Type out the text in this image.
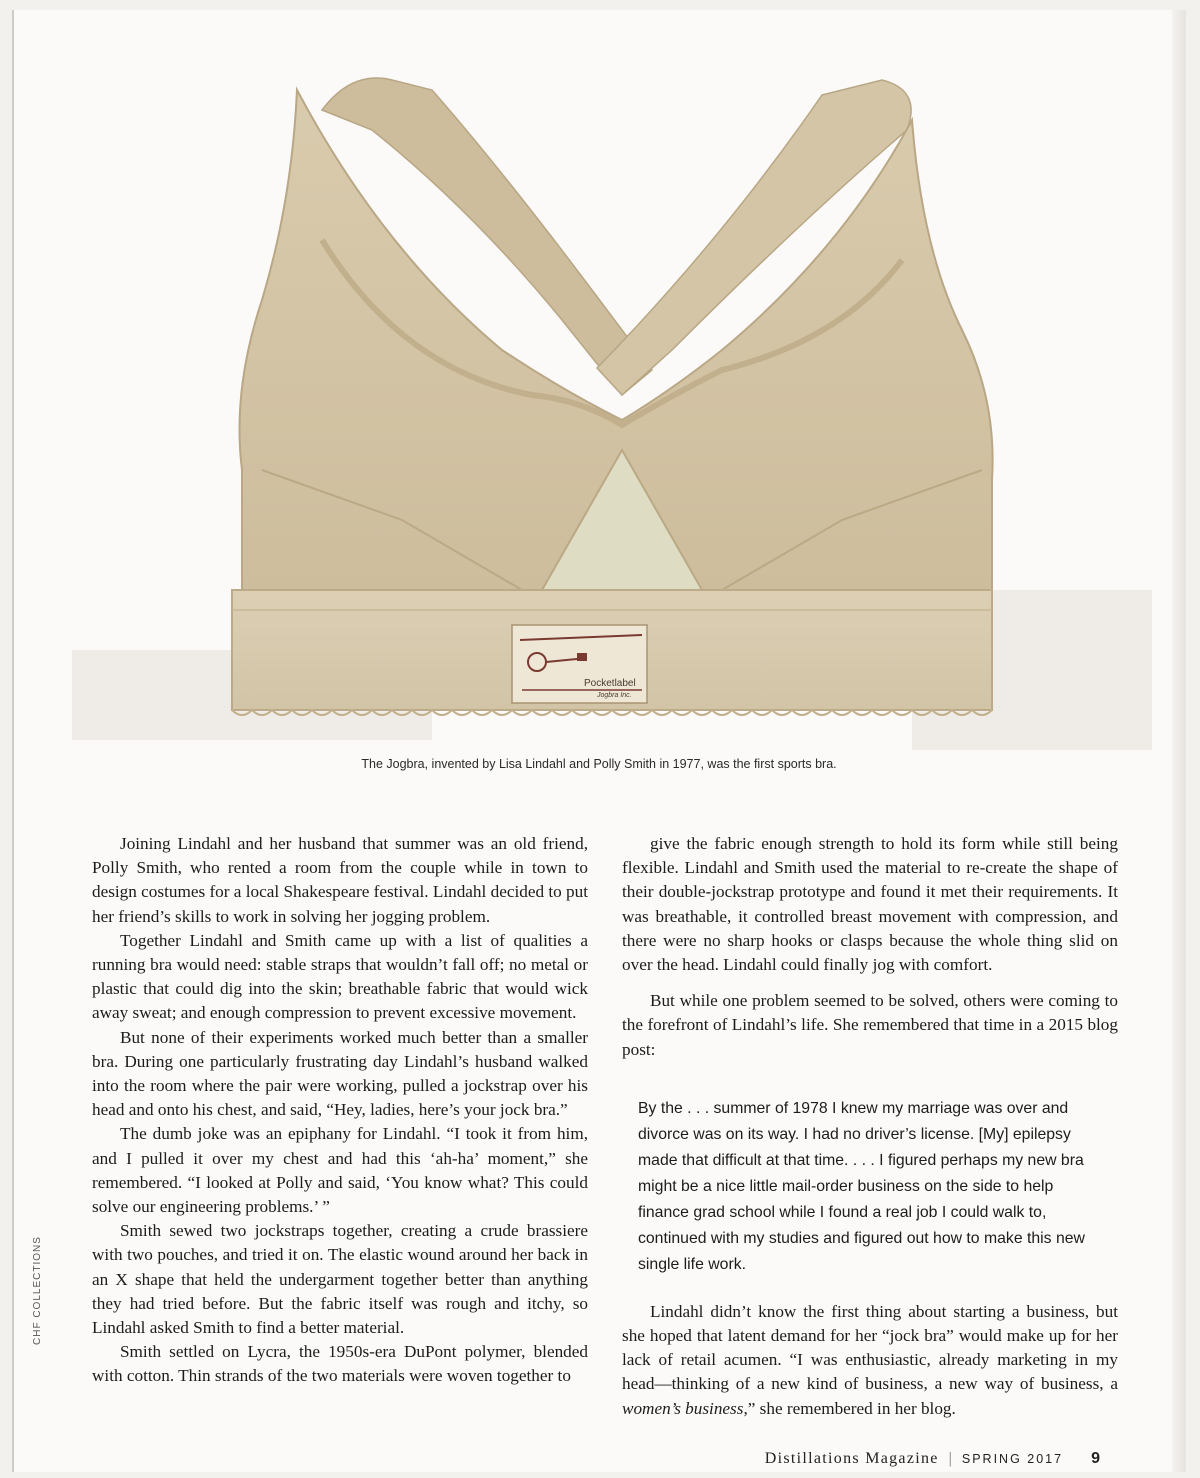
Pocketlabel
Jogbra Inc.
The Jogbra, invented by Lisa Lindahl and Polly Smith in 1977, was the first sports bra.
CHF COLLECTIONS

Joining Lindahl and her husband that summer was an old friend, Polly Smith, who rented a room from the couple while in town to design costumes for a local Shakespeare festival. Lindahl decided to put her friend’s skills to work in solving her jogging problem.

Together Lindahl and Smith came up with a list of qualities a running bra would need: stable straps that wouldn’t fall off; no metal or plastic that could dig into the skin; breathable fabric that would wick away sweat; and enough compression to prevent excessive movement.

But none of their experiments worked much better than a smaller bra. During one particularly frustrating day Lindahl’s husband walked into the room where the pair were working, pulled a jockstrap over his head and onto his chest, and said, “Hey, ladies, here’s your jock bra.”

The dumb joke was an epiphany for Lindahl. “I took it from him, and I pulled it over my chest and had this ‘ah-ha’ moment,” she remembered. “I looked at Polly and said, ‘You know what? This could solve our engineering problems.’ ”

Smith sewed two jockstraps together, creating a crude brassiere with two pouches, and tried it on. The elastic wound around her back in an X shape that held the undergarment together better than anything they had tried before. But the fabric itself was rough and itchy, so Lindahl asked Smith to find a better material.

Smith settled on Lycra, the 1950s-era DuPont polymer, blended with cotton. Thin strands of the two materials were woven together to

give the fabric enough strength to hold its form while still being flexible. Lindahl and Smith used the material to re-create the shape of their double-jockstrap prototype and found it met their requirements. It was breathable, it controlled breast movement with compression, and there were no sharp hooks or clasps because the whole thing slid on over the head. Lindahl could finally jog with comfort.

But while one problem seemed to be solved, others were coming to the forefront of Lindahl’s life. She remembered that time in a 2015 blog post:

By the . . . summer of 1978 I knew my marriage was over and divorce was on its way. I had no driver’s license. [My] epilepsy made that difficult at that time. . . . I figured perhaps my new bra might be a nice little mail-order business on the side to help finance grad school while I found a real job I could walk to, continued with my studies and figured out how to make this new single life work.

Lindahl didn’t know the first thing about starting a business, but she hoped that latent demand for her “jock bra” would make up for her lack of retail acumen. “I was enthusiastic, already marketing in my head—thinking of a new kind of business, a new way of business, a women’s business,” she remembered in her blog.

Distillations Magazine | SPRING 2017 9
